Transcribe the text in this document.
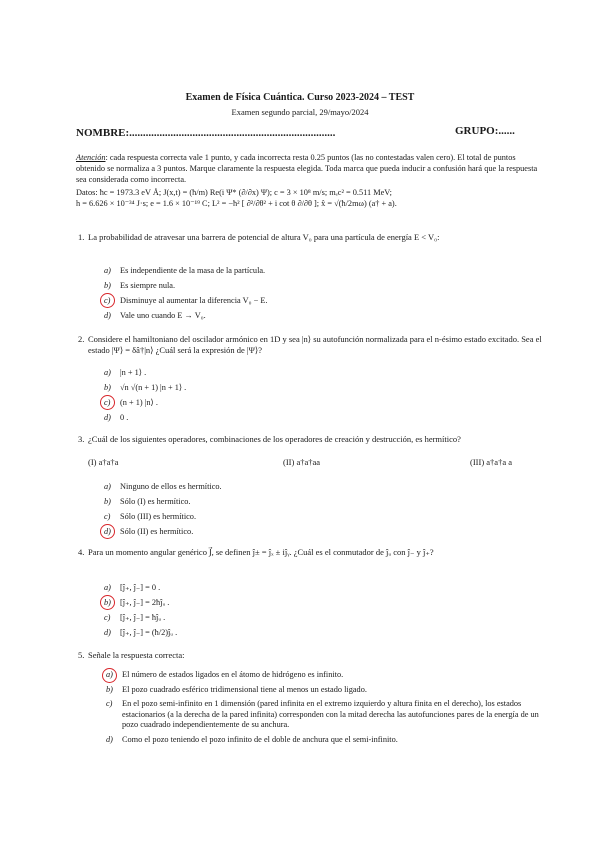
Examen de Física Cuántica. Curso 2023-2024 – TEST
Examen segundo parcial, 29/mayo/2024
NOMBRE:...........................................................................	GRUPO:......
Atención: cada respuesta correcta vale 1 punto, y cada incorrecta resta 0.25 puntos (las no contestadas valen cero). El total de puntos obtenido se normaliza a 3 puntos. Marque claramente la respuesta elegida. Toda marca que pueda inducir a confusión hará que la respuesta sea considerada como incorrecta.
Datos: ħc = 1973.3 eV Å; J(x,t) = (ħ/m) Re(i Ψ* (∂/∂x) Ψ); c = 3 × 10⁸ m/s; mₑc² = 0.511 MeV;
h = 6.626 × 10⁻³⁴ J·s; e = 1.6 × 10⁻¹⁹ C; L² = −ħ² [ ∂²/∂θ² + i cot θ ∂/∂θ ]; x̂ = √(ħ/2mω) (a† + a).
1. La probabilidad de atravesar una barrera de potencial de altura V₀ para una partícula de energía E < V₀:
a) Es independiente de la masa de la partícula.
b) Es siempre nula.
c) Disminuye al aumentar la diferencia V₀ − E.
d) Vale uno cuando E → V₀.
2. Considere el hamiltoniano del oscilador armónico en 1D y sea |n⟩ su autofunción normalizada para el n-ésimo estado excitado. Sea el estado |Ψ⟩ = δâ†|n⟩ ¿Cuál será la expresión de |Ψ⟩?
a) |n + 1⟩ .
b) √n √(n + 1) |n + 1⟩ .
c) (n + 1) |n⟩ .
d) 0 .
3. ¿Cuál de los siguientes operadores, combinaciones de los operadores de creación y destrucción, es hermítico?
(I) a†a†a	(II) a†a†aa	(III) a†a†a a
a) Ninguno de ellos es hermítico.
b) Sólo (I) es hermítico.
c) Sólo (III) es hermítico.
d) Sólo (II) es hermítico.
4. Para un momento angular genérico J⃗, se definen ĵ± = ĵₓ ± iĵᵧ. ¿Cuál es el conmutador de ĵᵤ con ĵ₋ y ĵ₊?
a) [ĵ₊, ĵ₋] = 0 .
b) [ĵ₊, ĵ₋] = 2ħĵᵤ .
c) [ĵ₊, ĵ₋] = ħĵᵤ .
d) [ĵ₊, ĵ₋] = (ħ/2)ĵᵤ .
5. Señale la respuesta correcta:
a)	El número de estados ligados en el átomo de hidrógeno es infinito.
b)	El pozo cuadrado esférico tridimensional tiene al menos un estado ligado.
c)	En el pozo semi-infinito en 1 dimensión (pared infinita en el extremo izquierdo y altura finita en el derecho), los estados estacionarios (a la derecha de la pared infinita) corresponden con la mitad derecha las autofunciones pares de la energía de un pozo cuadrado independientemente de su anchura.
d)	Como el pozo teniendo el pozo infinito de el doble de anchura que el semi-infinito.
